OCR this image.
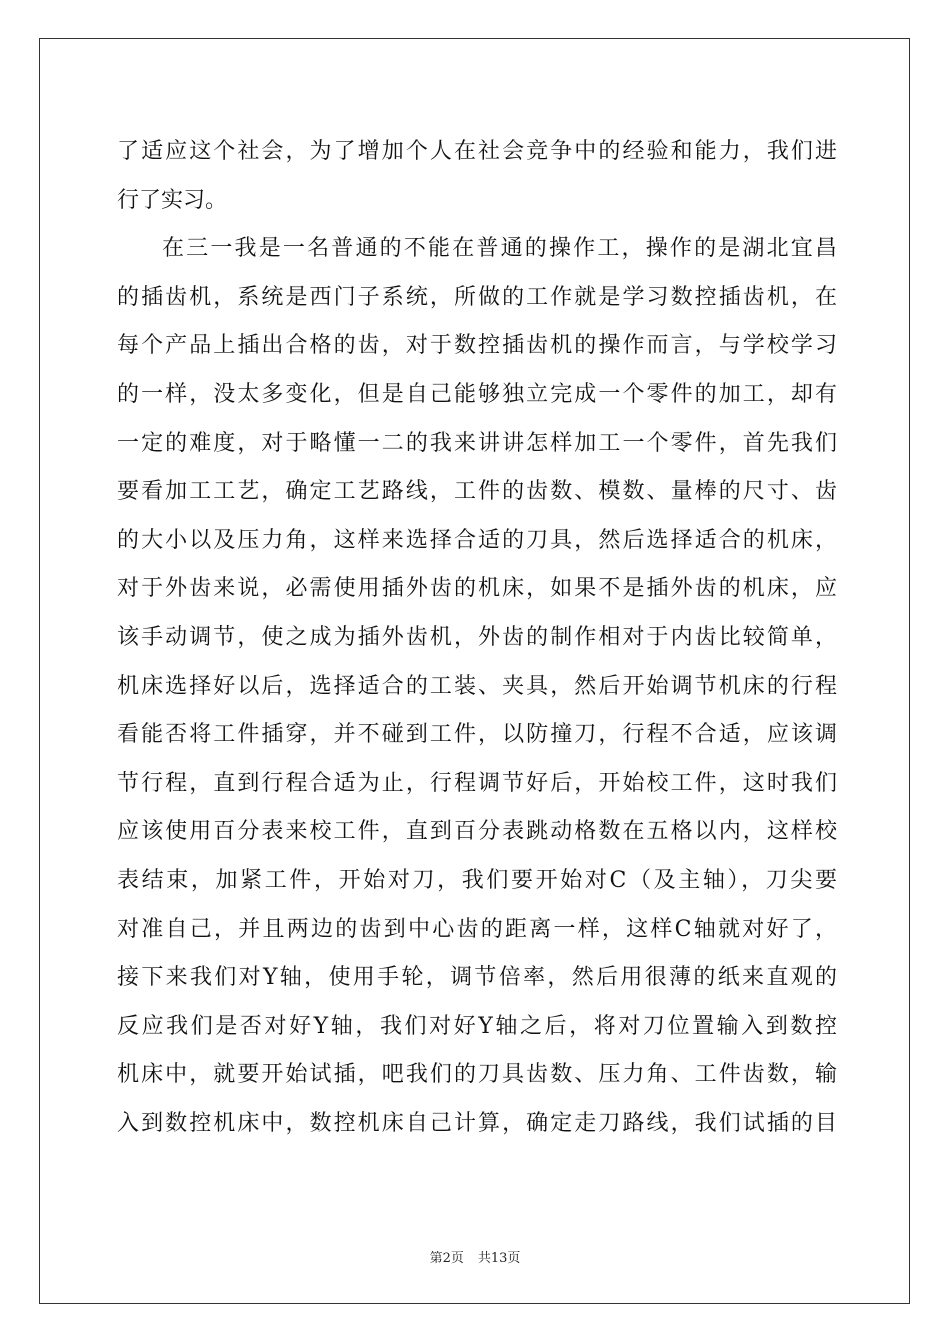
了适应这个社会，为了增加个人在社会竞争中的经验和能力，我们进
行了实习。
在三一我是一名普通的不能在普通的操作工，操作的是湖北宜昌
的插齿机，系统是西门子系统，所做的工作就是学习数控插齿机，在
每个产品上插出合格的齿，对于数控插齿机的操作而言，与学校学习
的一样，没太多变化，但是自己能够独立完成一个零件的加工，却有
一定的难度，对于略懂一二的我来讲讲怎样加工一个零件，首先我们
要看加工工艺，确定工艺路线，工件的齿数、模数、量棒的尺寸、齿
的大小以及压力角，这样来选择合适的刀具，然后选择适合的机床，
对于外齿来说，必需使用插外齿的机床，如果不是插外齿的机床，应
该手动调节，使之成为插外齿机，外齿的制作相对于内齿比较简单，
机床选择好以后，选择适合的工装、夹具，然后开始调节机床的行程
看能否将工件插穿，并不碰到工件，以防撞刀，行程不合适，应该调
节行程，直到行程合适为止，行程调节好后，开始校工件，这时我们
应该使用百分表来校工件，直到百分表跳动格数在五格以内，这样校
表结束，加紧工件，开始对刀，我们要开始对C（及主轴），刀尖要
对准自己，并且两边的齿到中心齿的距离一样，这样C轴就对好了，
接下来我们对Y轴，使用手轮，调节倍率，然后用很薄的纸来直观的
反应我们是否对好Y轴，我们对好Y轴之后，将对刀位置输入到数控
机床中，就要开始试插，吧我们的刀具齿数、压力角、工件齿数，输
入到数控机床中，数控机床自己计算，确定走刀路线，我们试插的目
第2页 共13页
